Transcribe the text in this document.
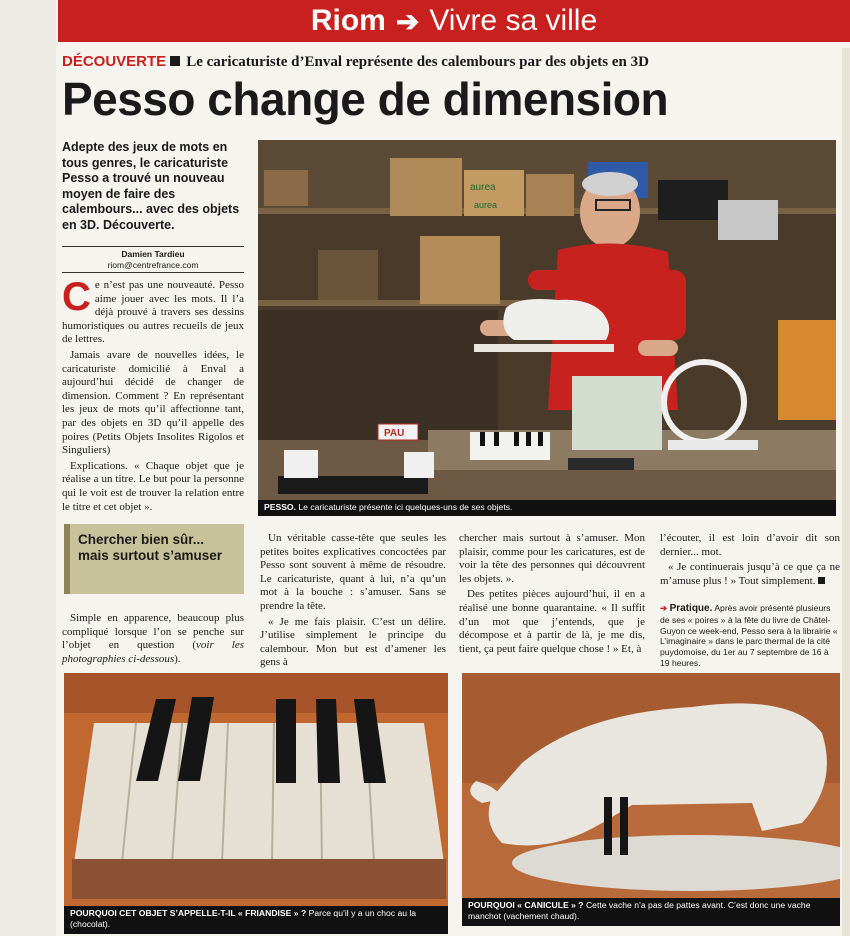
Riom ➔ Vivre sa ville
DÉCOUVERTE Le caricaturiste d’Enval représente des calembours par des objets en 3D
Pesso change de dimension
Adepte des jeux de mots en tous genres, le caricaturiste Pesso a trouvé un nouveau moyen de faire des calembours... avec des objets en 3D. Découverte.
Damien Tardieu
riom@centrefrance.com

Ce n’est pas une nouveauté. Pesso aime jouer avec les mots. Il l’a déjà prouvé à travers ses dessins humoristiques ou autres recueils de jeux de lettres.

Jamais avare de nouvelles idées, le caricaturiste domicilié à Enval a aujourd’hui décidé de changer de dimension. Comment ? En représentant les jeux de mots qu’il affectionne tant, par des objets en 3D qu’il appelle des poires (Petits Objets Insolites Rigolos et Singuliers)

Explications. « Chaque objet que je réalise a un titre. Le but pour la personne qui le voit est de trouver la relation entre le titre et cet objet ».

Chercher bien sûr... mais surtout s’amuser

Simple en apparence, beaucoup plus compliqué lorsque l’on se penche sur l’objet en question (voir les photographies ci-dessous).

Un véritable casse-tête que seules les petites boites explicatives concoctées par Pesso sont souvent à même de résoudre. Le caricaturiste, quant à lui, n’a qu’un mot à la bouche : s’amuser. Sans se prendre la tête.

« Je me fais plaisir. C’est un délire. J’utilise simplement le principe du calembour. Mon but est d’amener les gens à

chercher mais surtout à s’amuser. Mon plaisir, comme pour les caricatures, est de voir la tête des personnes qui découvrent les objets. ».

Des petites pièces aujourd’hui, il en a réalisé une bonne quarantaine. « Il suffit d’un mot que j’entends, que je décompose et à partir de là, je me dis, tient, ça peut faire quelque chose ! » Et, à

l’écouter, il est loin d’avoir dit son dernier... mot.

« Je continuerais jusqu’à ce que ça ne m’amuse plus ! » Tout simplement.

➔ Pratique. Après avoir présenté plusieurs de ses « poires » à la fête du livre de Châtel-Guyon ce week-end, Pesso sera à la librairie « L’imaginaire » dans le parc thermal de la cité puydomoise, du 1er au 7 septembre de 16 à 19 heures.
aurea
aurea
PAU
PESSO. Le caricaturiste présente ici quelques-uns de ses objets.
POURQUOI CET OBJET S’APPELLE-T-IL « FRIANDISE » ? Parce qu’il y a un choc au la (chocolat).
POURQUOI « CANICULE » ? Cette vache n’a pas de pattes avant. C’est donc une vache manchot (vachement chaud).
